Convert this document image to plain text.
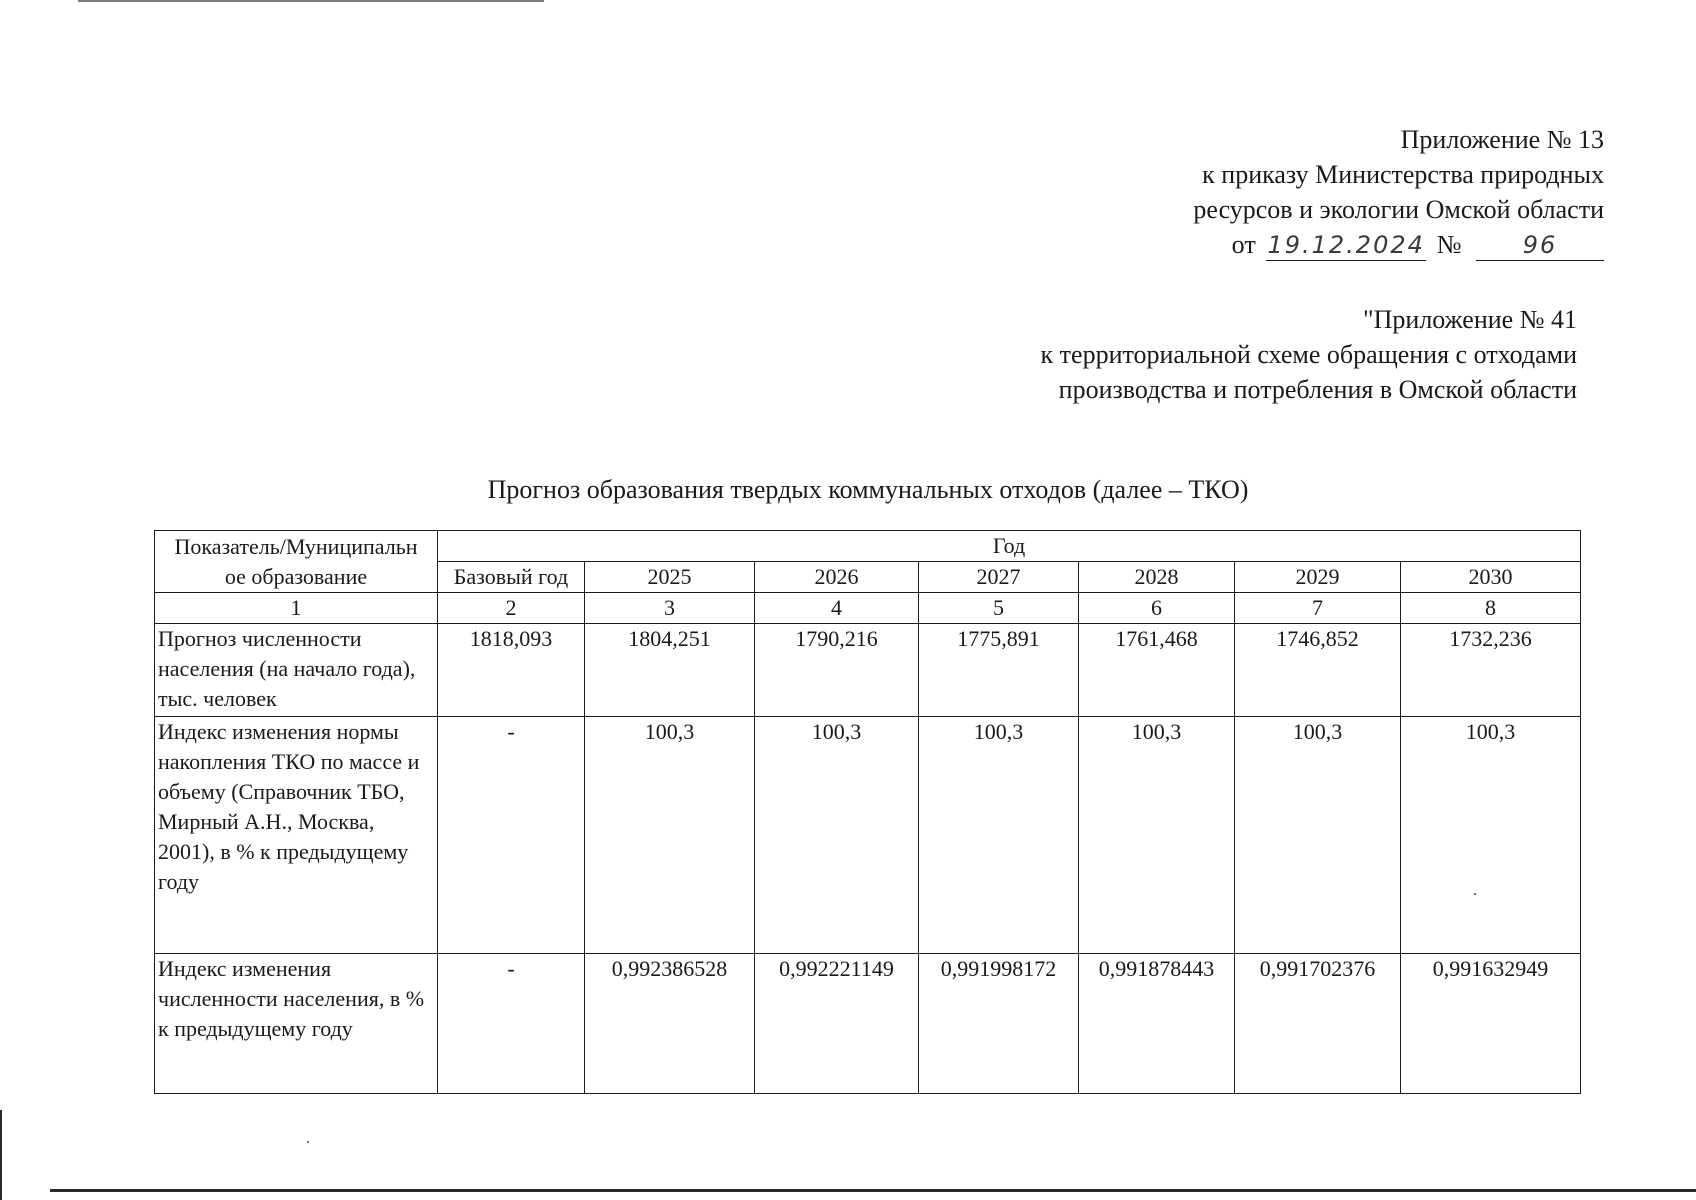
Приложение № 13
к приказу Министерства природных
ресурсов и экологии Омской области
от 19.12.2024 №	96
"Приложение № 41
к территориальной схеме обращения с отходами
производства и потребления в Омской области
Прогноз образования твердых коммунальных отходов (далее – ТКО)
Показатель/Муниципальн
ое образование	Год						
	Базовый год	2025	2026	2027	2028	2029	2030
1	2	3	4	5	6	7	8
Прогноз численности населения (на начало года), тыс. человек	1818,093	1804,251	1790,216	1775,891	1761,468	1746,852	1732,236
Индекс изменения нормы накопления ТКО по массе и объему (Справочник ТБО, Мирный А.Н., Москва, 2001), в % к предыдущему году	-	100,3	100,3	100,3	100,3	100,3	100,3
Индекс изменения численности населения, в % к предыдущему году	-	0,992386528	0,992221149	0,991998172	0,991878443	0,991702376	0,991632949
